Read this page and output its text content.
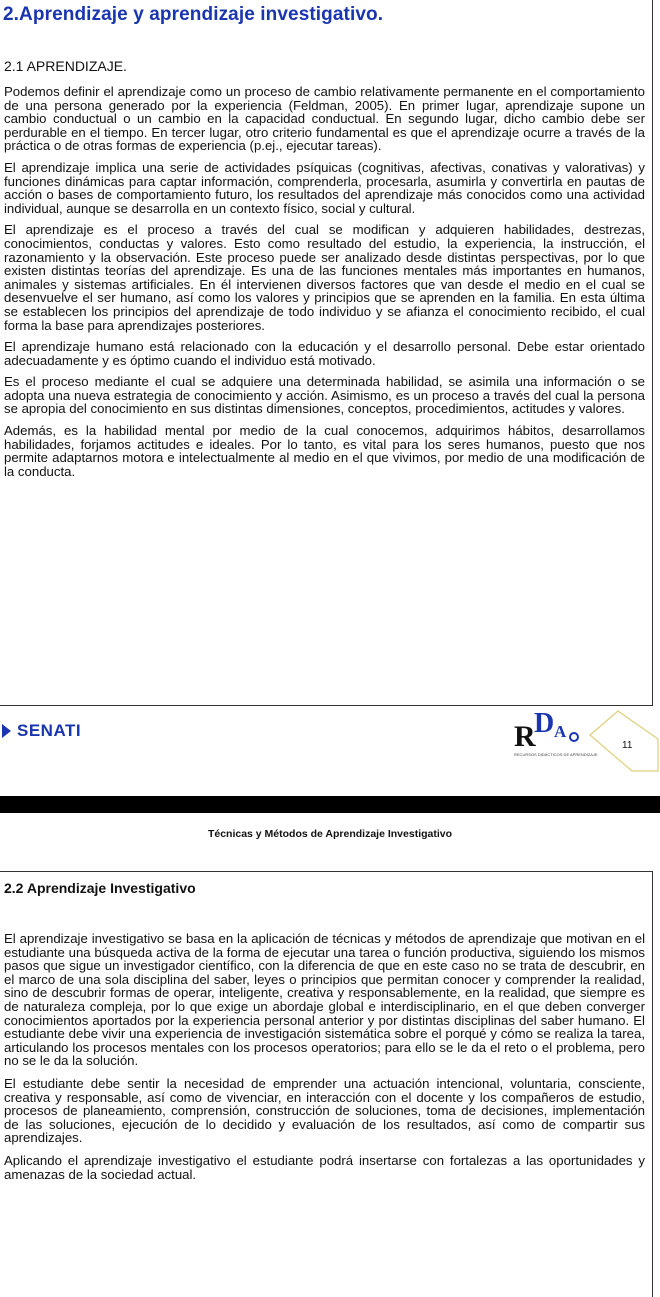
2.Aprendizaje y aprendizaje investigativo.
2.1 APRENDIZAJE.

Podemos definir el aprendizaje como un proceso de cambio relativamente permanente en el comportamiento de una persona generado por la experiencia (Feldman, 2005). En primer lugar, aprendizaje supone un cambio conductual o un cambio en la capacidad conductual. En segundo lugar, dicho cambio debe ser perdurable en el tiempo. En tercer lugar, otro criterio fundamental es que el aprendizaje ocurre a través de la práctica o de otras formas de experiencia (p.ej., ejecutar tareas).

El aprendizaje implica una serie de actividades psíquicas (cognitivas, afectivas, conativas y valorativas) y funciones dinámicas para captar información, comprenderla, procesarla, asumirla y convertirla en pautas de acción o bases de comportamiento futuro, los resultados del aprendizaje más conocidos como una actividad individual, aunque se desarrolla en un contexto físico, social y cultural.

El aprendizaje es el proceso a través del cual se modifican y adquieren habilidades, destrezas, conocimientos, conductas y valores. Esto como resultado del estudio, la experiencia, la instrucción, el razonamiento y la observación. Este proceso puede ser analizado desde distintas perspectivas, por lo que existen distintas teorías del aprendizaje. Es una de las funciones mentales más importantes en humanos, animales y sistemas artificiales. En él intervienen diversos factores que van desde el medio en el cual se desenvuelve el ser humano, así como los valores y principios que se aprenden en la familia. En esta última se establecen los principios del aprendizaje de todo individuo y se afianza el conocimiento recibido, el cual forma la base para aprendizajes posteriores.

El aprendizaje humano está relacionado con la educación y el desarrollo personal. Debe estar orientado adecuadamente y es óptimo cuando el individuo está motivado.

Es el proceso mediante el cual se adquiere una determinada habilidad, se asimila una información o se adopta una nueva estrategia de conocimiento y acción. Asimismo, es un proceso a través del cual la persona se apropia del conocimiento en sus distintas dimensiones, conceptos, procedimientos, actitudes y valores.

Además, es la habilidad mental por medio de la cual conocemos, adquirimos hábitos, desarrollamos habilidades, forjamos actitudes e ideales. Por lo tanto, es vital para los seres humanos, puesto que nos permite adaptarnos motora e intelectualmente al medio en el que vivimos, por medio de una modificación de la conducta.

SENATI	R
D A
RECURSOS DIDÁCTICOS DE APRENDIZAJE
11
Técnicas y Métodos de Aprendizaje Investigativo
2.2 Aprendizaje Investigativo

El aprendizaje investigativo se basa en la aplicación de técnicas y métodos de aprendizaje que motivan en el estudiante una búsqueda activa de la forma de ejecutar una tarea o función productiva, siguiendo los mismos pasos que sigue un investigador científico, con la diferencia de que en este caso no se trata de descubrir, en el marco de una sola disciplina del saber, leyes o principios que permitan conocer y comprender la realidad, sino de descubrir formas de operar, inteligente, creativa y responsablemente, en la realidad, que siempre es de naturaleza compleja, por lo que exige un abordaje global e interdisciplinario, en el que deben converger conocimientos aportados por la experiencia personal anterior y por distintas disciplinas del saber humano. El estudiante debe vivir una experiencia de investigación sistemática sobre el porqué y cómo se realiza la tarea, articulando los procesos mentales con los procesos operatorios; para ello se le da el reto o el problema, pero no se le da la solución.

El estudiante debe sentir la necesidad de emprender una actuación intencional, voluntaria, consciente, creativa y responsable, así como de vivenciar, en interacción con el docente y los compañeros de estudio, procesos de planeamiento, comprensión, construcción de soluciones, toma de decisiones, implementación de las soluciones, ejecución de lo decidido y evaluación de los resultados, así como de compartir sus aprendizajes.

Aplicando el aprendizaje investigativo el estudiante podrá insertarse con fortalezas a las oportunidades y amenazas de la sociedad actual.
